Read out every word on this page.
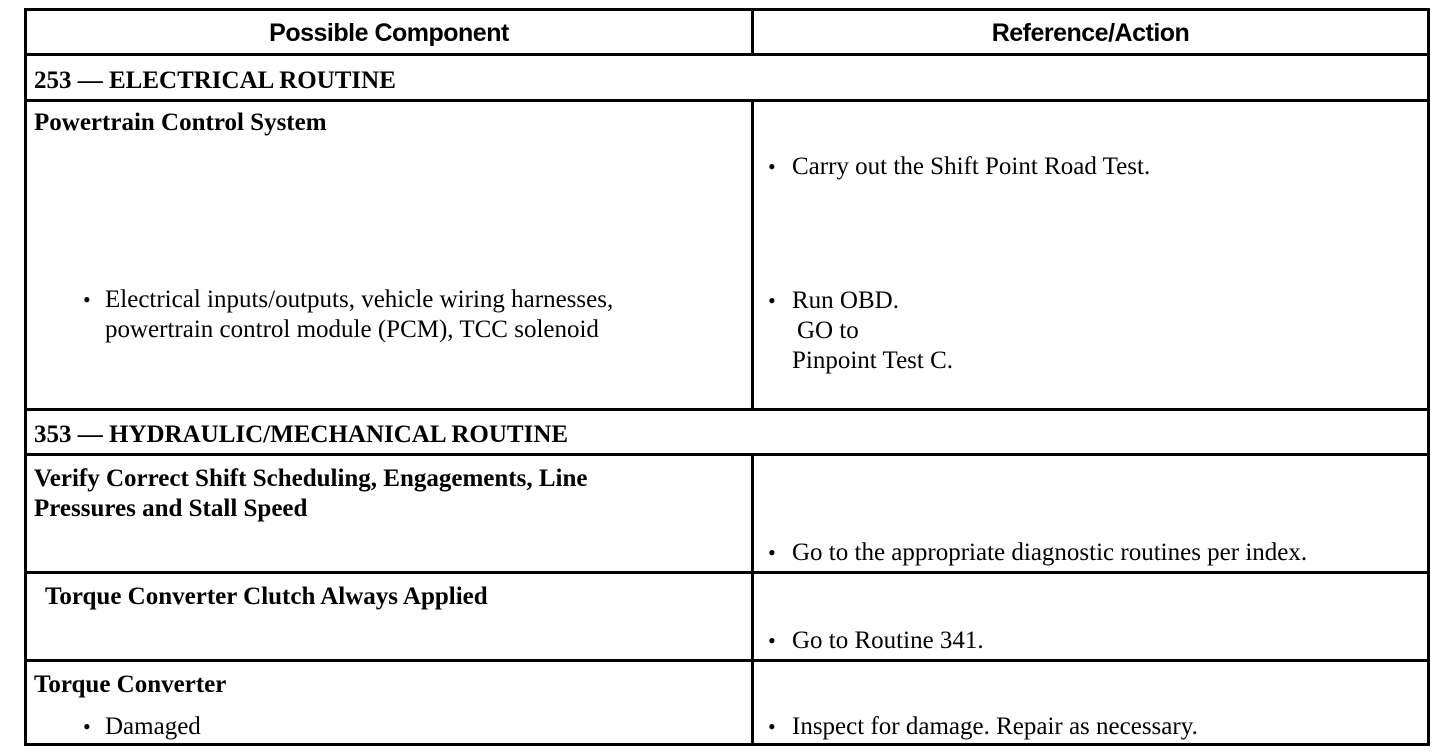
Possible Component	Reference/Action
253 — ELECTRICAL ROUTINE
Powertrain Control System
• Electrical inputs/outputs, vehicle wiring harnesses,
powertrain control module (PCM), TCC solenoid
• Carry out the Shift Point Road Test.
• Run OBD.
GO to
Pinpoint Test C.
353 — HYDRAULIC/MECHANICAL ROUTINE
Verify Correct Shift Scheduling, Engagements, Line
Pressures and Stall Speed
• Go to the appropriate diagnostic routines per index.
Torque Converter Clutch Always Applied
• Go to Routine 341.
Torque Converter
• Damaged	• Inspect for damage. Repair as necessary.
